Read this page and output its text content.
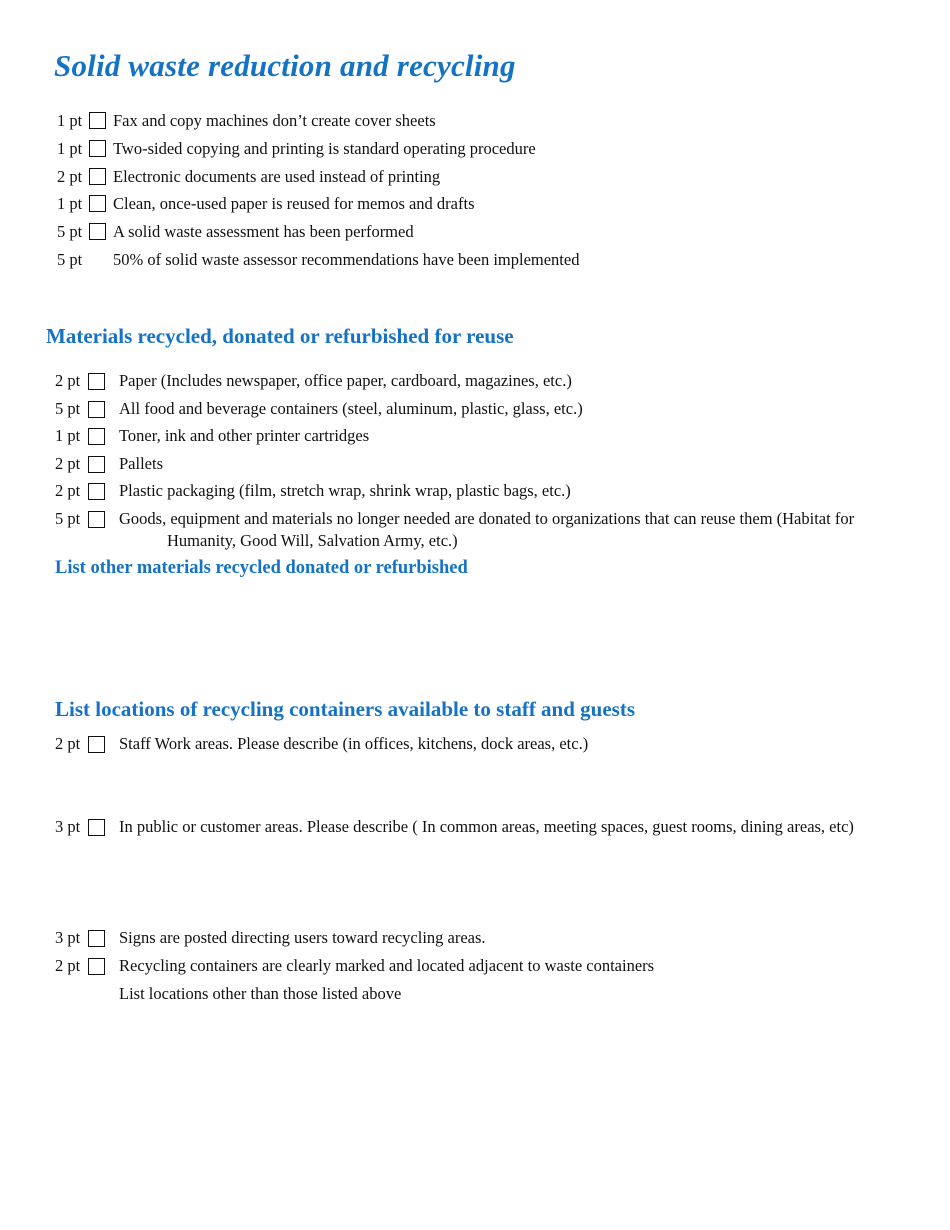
Solid waste reduction and recycling
1 pt Fax and copy machines don’t create cover sheets
1 pt Two-sided copying and printing is standard operating procedure
2 pt Electronic documents are used instead of printing
1 pt Clean, once-used paper is reused for memos and drafts
5 pt A solid waste assessment has been performed
5 pt 50% of solid waste assessor recommendations have been implemented
Materials recycled, donated or refurbished for reuse
2 pt Paper (Includes newspaper, office paper, cardboard, magazines, etc.)
5 pt All food and beverage containers (steel, aluminum, plastic, glass, etc.)
1 pt Toner, ink and other printer cartridges
2 pt Pallets
2 pt Plastic packaging (film, stretch wrap, shrink wrap, plastic bags, etc.)
5 pt Goods, equipment and materials no longer needed are donated to organizations that can reuse them (Habitat for
Humanity, Good Will, Salvation Army, etc.)
List other materials recycled donated or refurbished
List locations of recycling containers available to staff and guests
2 pt Staff Work areas. Please describe (in offices, kitchens, dock areas, etc.)
3 pt In public or customer areas. Please describe ( In common areas, meeting spaces, guest rooms, dining areas, etc)
3 pt Signs are posted directing users toward recycling areas.
2 pt Recycling containers are clearly marked and located adjacent to waste containers
List locations other than those listed above
